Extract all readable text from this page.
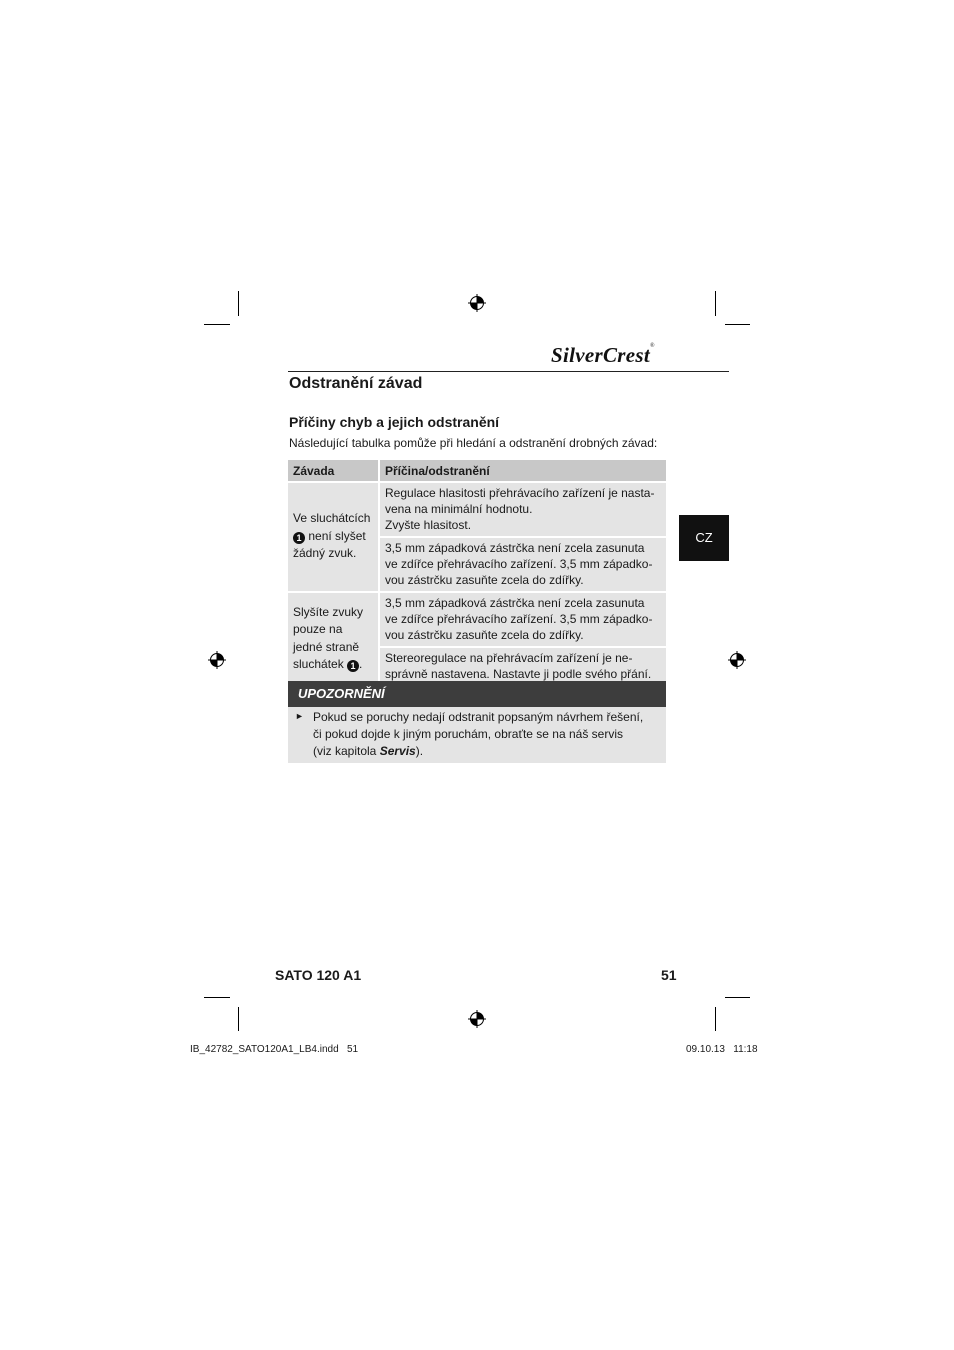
SilverCrest®
Odstranění závad
Příčiny chyb a jejich odstranění
Následující tabulka pomůže při hledání a odstranění drobných závad:
Závada	Příčina/odstranění
Ve sluchátcích
1 není slyšet žádný zvuk.	Regulace hlasitosti přehrávacího zařízení je nasta-
vena na minimální hodnotu.
Zvyšte hlasitost.
	3,5 mm západková zástrčka není zcela zasunuta
ve zdířce přehrávacího zařízení. 3,5 mm západko-
vou zástrčku zasuňte zcela do zdířky.
Slyšíte zvuky pouze na jedné straně sluchátek 1 .	3,5 mm západková zástrčka není zcela zasunuta
ve zdířce přehrávacího zařízení. 3,5 mm západko-
vou zástrčku zasuňte zcela do zdířky.
	Stereoregulace na přehrávacím zařízení je ne-
správně nastavena. Nastavte ji podle svého přání.
UPOZORNĚNÍ
► Pokud se poruchy nedají odstranit popsaným návrhem řešení,
či pokud dojde k jiným poruchám, obraťte se na náš servis
(viz kapitola Servis).
CZ
SATO 120 A1	51
IB_42782_SATO120A1_LB4.indd   51	09.10.13   11:18
